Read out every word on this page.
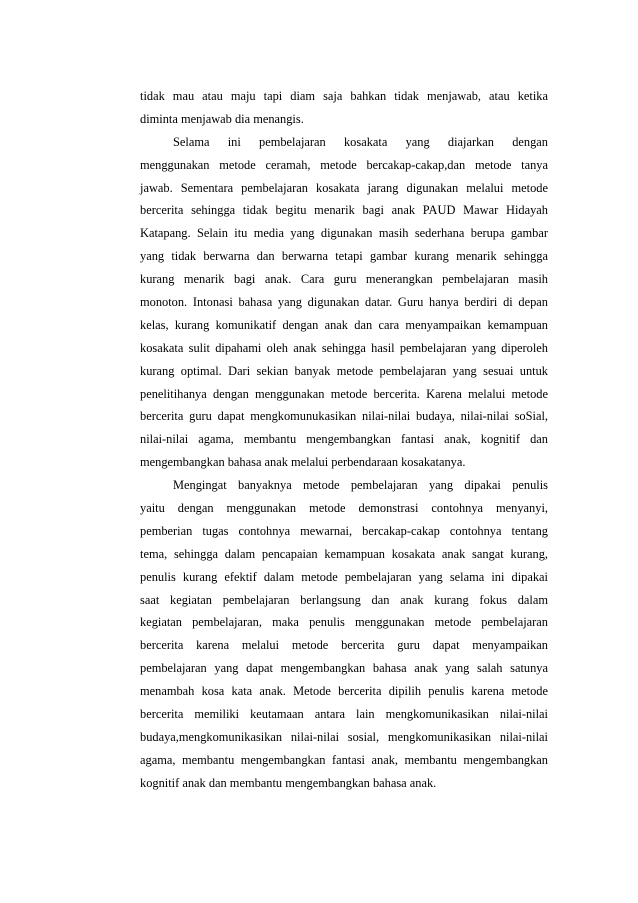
tidak mau atau maju tapi diam saja bahkan tidak menjawab, atau ketika
diminta menjawab dia menangis.
Selama ini pembelajaran kosakata yang diajarkan dengan
menggunakan metode ceramah, metode bercakap-cakap,dan metode tanya
jawab. Sementara pembelajaran kosakata jarang digunakan melalui metode
bercerita sehingga tidak begitu menarik bagi anak PAUD Mawar Hidayah
Katapang. Selain itu media yang digunakan masih sederhana berupa gambar
yang tidak berwarna dan berwarna tetapi gambar kurang menarik sehingga
kurang menarik bagi anak. Cara guru menerangkan pembelajaran masih
monoton. Intonasi bahasa yang digunakan datar. Guru hanya berdiri di depan
kelas, kurang komunikatif dengan anak dan cara menyampaikan kemampuan
kosakata sulit dipahami oleh anak sehingga hasil pembelajaran yang diperoleh
kurang optimal. Dari sekian banyak metode pembelajaran yang sesuai untuk
penelitihanya dengan menggunakan metode bercerita. Karena melalui metode
bercerita guru dapat mengkomunukasikan nilai-nilai budaya, nilai-nilai soSial,
nilai-nilai agama, membantu mengembangkan fantasi anak, kognitif dan
mengembangkan bahasa anak melalui perbendaraan kosakatanya.
Mengingat banyaknya metode pembelajaran yang dipakai penulis
yaitu dengan menggunakan metode demonstrasi contohnya menyanyi,
pemberian tugas contohnya mewarnai, bercakap-cakap contohnya tentang
tema, sehingga dalam pencapaian kemampuan kosakata anak sangat kurang,
penulis kurang efektif dalam metode pembelajaran yang selama ini dipakai
saat kegiatan pembelajaran berlangsung dan anak kurang fokus dalam
kegiatan pembelajaran, maka penulis menggunakan metode pembelajaran
bercerita karena melalui metode bercerita guru dapat menyampaikan
pembelajaran yang dapat mengembangkan bahasa anak yang salah satunya
menambah kosa kata anak. Metode bercerita dipilih penulis karena metode
bercerita memiliki keutamaan antara lain mengkomunikasikan nilai-nilai
budaya,mengkomunikasikan nilai-nilai sosial, mengkomunikasikan nilai-nilai
agama, membantu mengembangkan fantasi anak, membantu mengembangkan
kognitif anak dan membantu mengembangkan bahasa anak.
